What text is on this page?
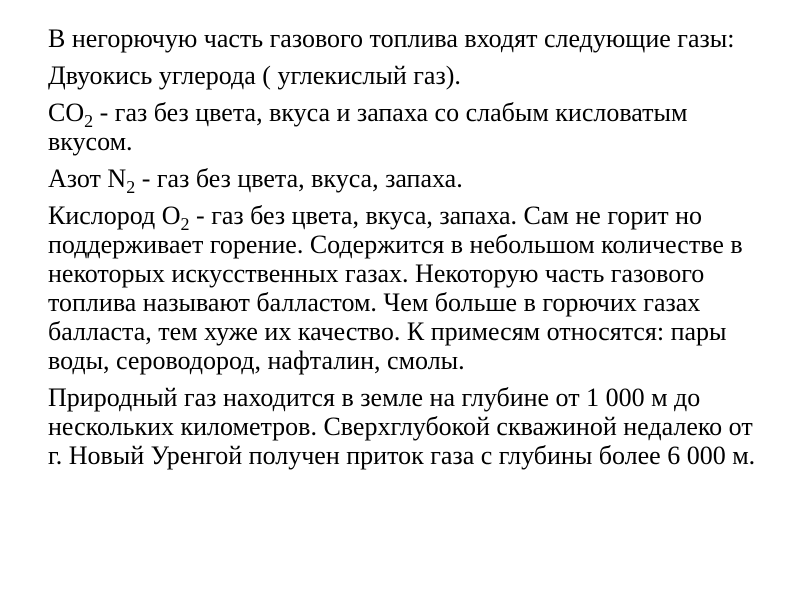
В негорючую часть газового топлива входят следующие газы:

Двуокись углерода ( углекислый газ).

$CO_2$ - газ без цвета, вкуса и запаха со слабым кисловатым вкусом.

Азот $N_2$ - газ без цвета, вкуса, запаха.

Кислород $O_2$ - газ без цвета, вкуса, запаха. Сам не горит но поддерживает горение. Содержится в небольшом количестве в некоторых искусственных газах. Некоторую часть газового топлива называют балластом. Чем больше в горючих газах балласта, тем хуже их качество. К примесям относятся: пары воды, сероводород, нафталин, смолы.

Природный газ находится в земле на глубине от 1 000 м до нескольких километров. Сверхглубокой скважиной недалеко от г. Новый Уренгой получен приток газа с глубины более 6 000 м.
